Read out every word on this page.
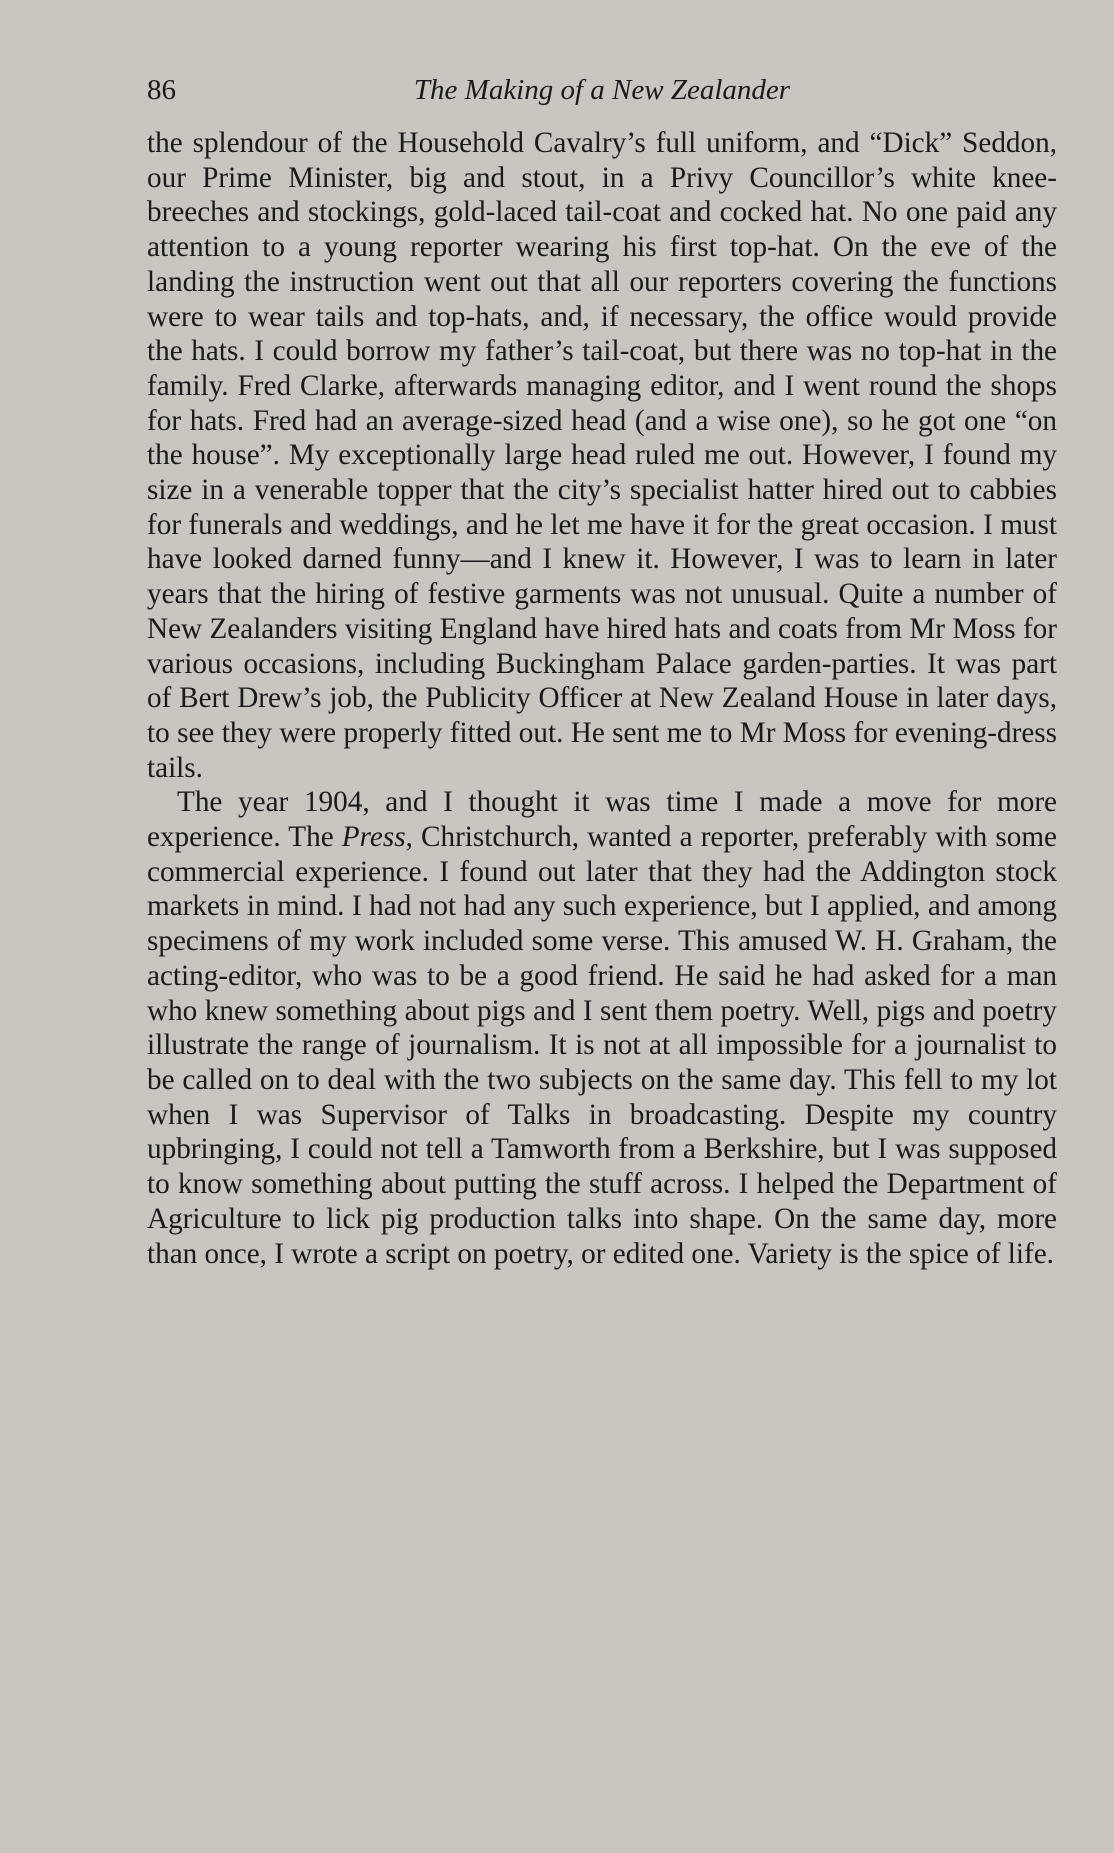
86	The Making of a New Zealander

the splendour of the Household Cavalry’s full uniform, and “Dick” Seddon, our Prime Minister, big and stout, in a Privy Councillor’s white knee-breeches and stockings, gold-laced tail-coat and cocked hat. No one paid any attention to a young reporter wearing his first top-hat. On the eve of the landing the instruction went out that all our reporters covering the functions were to wear tails and top-hats, and, if necessary, the office would provide the hats. I could borrow my father’s tail-coat, but there was no top-hat in the family. Fred Clarke, afterwards managing editor, and I went round the shops for hats. Fred had an average-sized head (and a wise one), so he got one “on the house”. My exceptionally large head ruled me out. However, I found my size in a venerable topper that the city’s specialist hatter hired out to cabbies for funerals and weddings, and he let me have it for the great occasion. I must have looked darned funny—and I knew it. However, I was to learn in later years that the hiring of festive garments was not unusual. Quite a number of New Zealanders visiting England have hired hats and coats from Mr Moss for various occasions, including Buckingham Palace garden-parties. It was part of Bert Drew’s job, the Publicity Officer at New Zealand House in later days, to see they were properly fitted out. He sent me to Mr Moss for evening-dress tails.

The year 1904, and I thought it was time I made a move for more experience. The Press, Christchurch, wanted a reporter, preferably with some commercial experience. I found out later that they had the Addington stock markets in mind. I had not had any such experience, but I applied, and among specimens of my work included some verse. This amused W. H. Graham, the acting-editor, who was to be a good friend. He said he had asked for a man who knew something about pigs and I sent them poetry. Well, pigs and poetry illustrate the range of journalism. It is not at all impossible for a journalist to be called on to deal with the two subjects on the same day. This fell to my lot when I was Supervisor of Talks in broadcasting. Despite my country upbringing, I could not tell a Tamworth from a Berkshire, but I was supposed to know something about putting the stuff across. I helped the Department of Agriculture to lick pig production talks into shape. On the same day, more than once, I wrote a script on poetry, or edited one. Variety is the spice of life.
